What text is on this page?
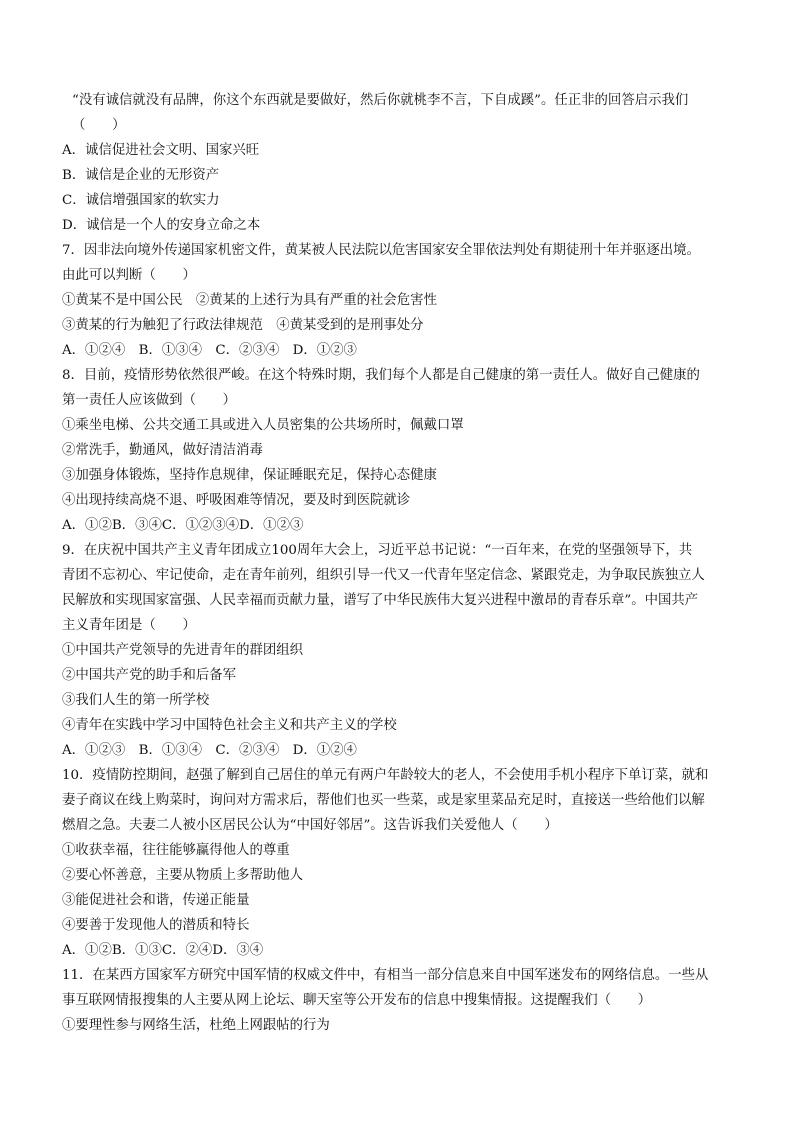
“没有诚信就没有品牌，你这个东西就是要做好，然后你就桃李不言，下自成蹊”。任正非的回答启示我们
（　　）
A．诚信促进社会文明、国家兴旺
B．诚信是企业的无形资产
C．诚信增强国家的软实力
D．诚信是一个人的安身立命之本
7．因非法向境外传递国家机密文件，黄某被人民法院以危害国家安全罪依法判处有期徒刑十年并驱逐出境。
由此可以判断（　　）
①黄某不是中国公民　②黄某的上述行为具有严重的社会危害性
③黄某的行为触犯了行政法律规范　④黄某受到的是刑事处分
A．①②④　B．①③④　C．②③④　D．①②③
8．目前，疫情形势依然很严峻。在这个特殊时期，我们每个人都是自己健康的第一责任人。做好自己健康的
第一责任人应该做到（　　）
①乘坐电梯、公共交通工具或进入人员密集的公共场所时，佩戴口罩
②常洗手，勤通风，做好清洁消毒
③加强身体锻炼，坚持作息规律，保证睡眠充足，保持心态健康
④出现持续高烧不退、呼吸困难等情况，要及时到医院就诊
A．①②B．③④C．①②③④D．①②③
9．在庆祝中国共产主义青年团成立100周年大会上，习近平总书记说：“一百年来，在党的坚强领导下，共
青团不忘初心、牢记使命，走在青年前列，组织引导一代又一代青年坚定信念、紧跟党走，为争取民族独立人
民解放和实现国家富强、人民幸福而贡献力量，谱写了中华民族伟大复兴进程中激昂的青春乐章”。中国共产
主义青年团是（　　）
①中国共产党领导的先进青年的群团组织
②中国共产党的助手和后备军
③我们人生的第一所学校
④青年在实践中学习中国特色社会主义和共产主义的学校
A．①②③　B．①③④　C．②③④　D．①②④
10．疫情防控期间，赵强了解到自己居住的单元有两户年龄较大的老人，不会使用手机小程序下单订菜，就和
妻子商议在线上购菜时，询问对方需求后，帮他们也买一些菜，或是家里菜品充足时，直接送一些给他们以解
燃眉之急。夫妻二人被小区居民公认为“中国好邻居”。这告诉我们关爱他人（　　）
①收获幸福，往往能够赢得他人的尊重
②要心怀善意，主要从物质上多帮助他人
③能促进社会和谐，传递正能量
④要善于发现他人的潜质和特长
A．①②B．①③C．②④D．③④
11．在某西方国家军方研究中国军情的权威文件中，有相当一部分信息来自中国军迷发布的网络信息。一些从
事互联网情报搜集的人主要从网上论坛、聊天室等公开发布的信息中搜集情报。这提醒我们（　　）
①要理性参与网络生活，杜绝上网跟帖的行为
